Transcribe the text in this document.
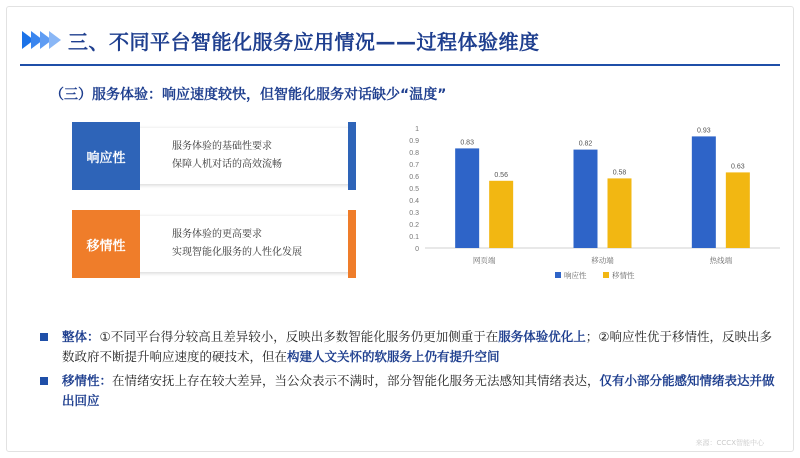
三、不同平台智能化服务应用情况——过程体验维度
（三）服务体验：响应速度较快，但智能化服务对话缺少“温度”
响应性
服务体验的基础性要求
保障人机对话的高效流畅
移情性
服务体验的更高要求
实现智能化服务的人性化发展	0
0.1
0.2
0.3
0.4
0.5
0.6
0.7
0.8
0.9
1
0.83
0.56
网页端
0.82
0.58
移动端
0.93
0.63
热线端
响应性	移情性
整体：①不同平台得分较高且差异较小，反映出多数智能化服务仍更加侧重于在服务体验优化上；②响应性优于移情性，反映出多数政府不断提升响应速度的硬技术，但在构建人文关怀的软服务上仍有提升空间
移情性：在情绪安抚上存在较大差异，当公众表示不满时，部分智能化服务无法感知其情绪表达，仅有小部分能感知情绪表达并做出回应
来源：CCCX智能中心
